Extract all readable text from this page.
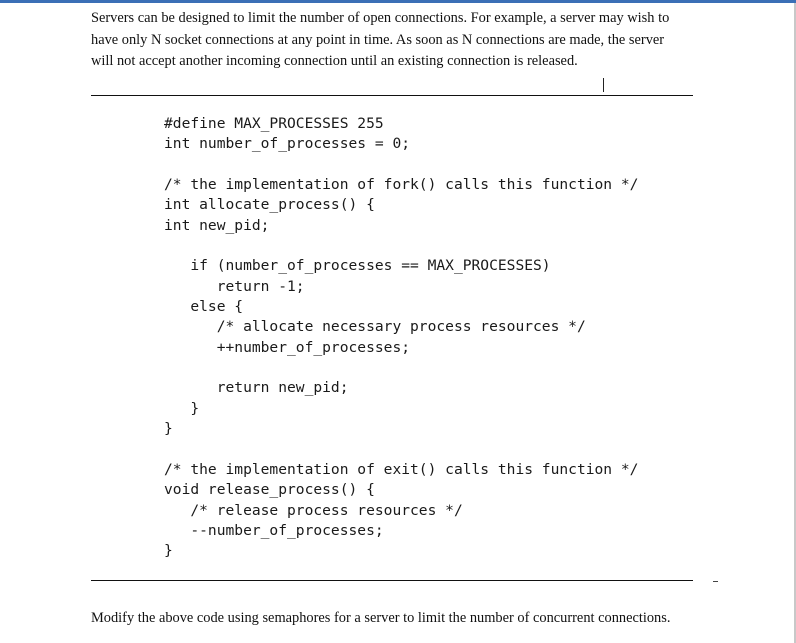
Servers can be designed to limit the number of open connections. For example, a server may wish to
have only N socket connections at any point in time. As soon as N connections are made, the server
will not accept another incoming connection until an existing connection is released.

#define MAX_PROCESSES 255
int number_of_processes = 0;
/* the implementation of fork() calls this function */
int allocate_process() {
int new_pid;
if (number_of_processes == MAX_PROCESSES)
return -1;
else {
/* allocate necessary process resources */
++number_of_processes;
return new_pid;
}
}
/* the implementation of exit() calls this function */
void release_process() {
/* release process resources */
--number_of_processes;
}

Modify the above code using semaphores for a server to limit the number of concurrent connections.
